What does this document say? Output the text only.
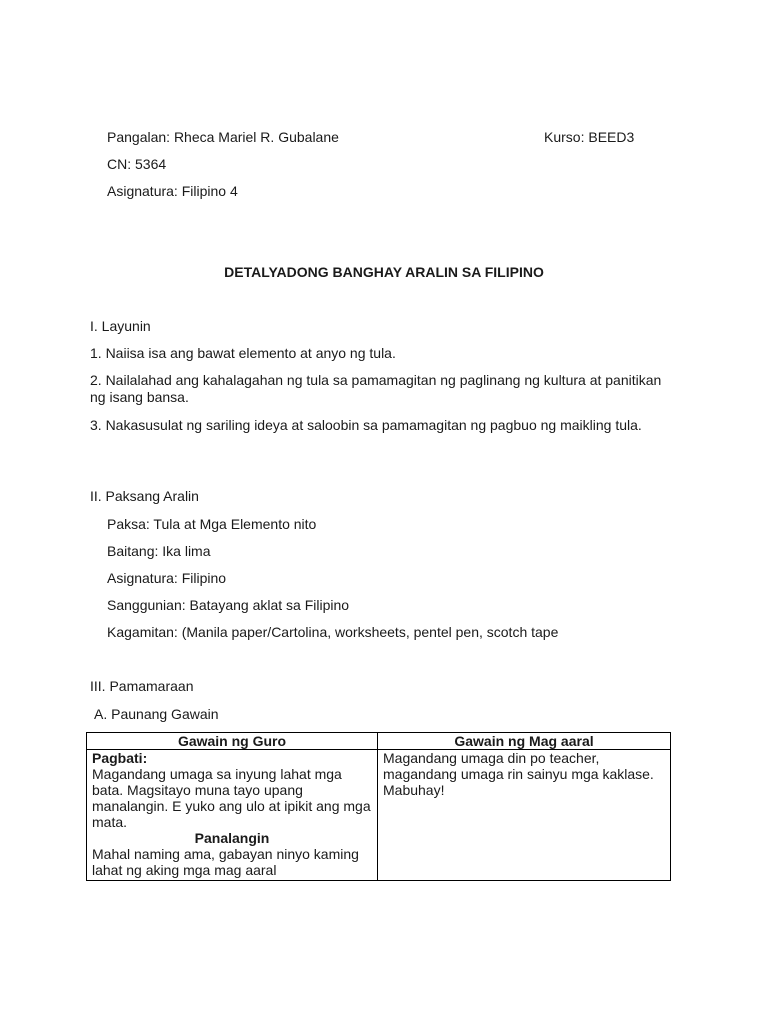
Pangalan: Rheca Mariel R. Gubalane	Kurso: BEED3
CN: 5364
Asignatura: Filipino 4
DETALYADONG BANGHAY ARALIN SA FILIPINO
I. Layunin
1. Naiisa isa ang bawat elemento at anyo ng tula.
2. Nailalahad ang kahalagahan ng tula sa pamamagitan ng paglinang ng kultura at panitikan ng isang bansa.
3. Nakasusulat ng sariling ideya at saloobin sa pamamagitan ng pagbuo ng maikling tula.
II. Paksang Aralin
Paksa: Tula at Mga Elemento nito
Baitang: Ika lima
Asignatura: Filipino
Sanggunian: Batayang aklat sa Filipino
Kagamitan: (Manila paper/Cartolina, worksheets, pentel pen, scotch tape
III. Pamamaraan
A. Paunang Gawain
Gawain ng Guro	Gawain ng Mag aaral

Pagbati:
Magandang umaga sa inyung lahat mga bata. Magsitayo muna tayo upang manalangin. E yuko ang ulo at ipikit ang mga mata.
Panalangin
Mahal naming ama, gabayan ninyo kaming lahat ng aking mga mag aaral	Magandang umaga din po teacher, magandang umaga rin sainyu mga kaklase. Mabuhay!
